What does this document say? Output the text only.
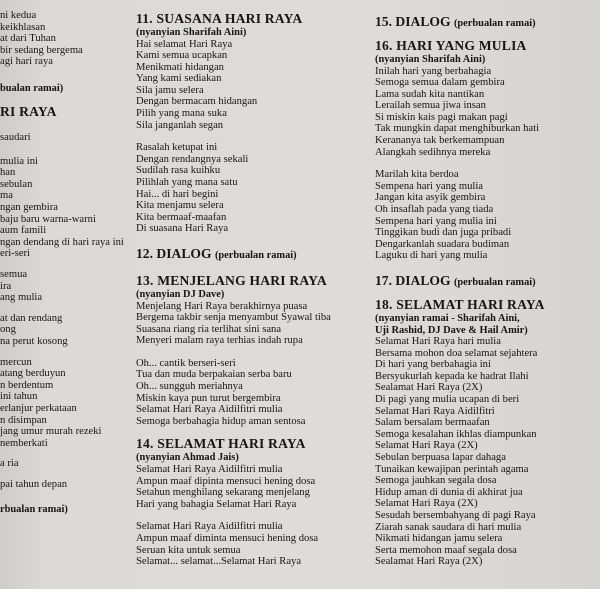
ni kedua
keikhlasan
at dari Tuhan
bir sedang bergema
agi hari raya
bualan ramai)
RI RAYA
saudari

mulia ini
han
sebulan
ma
ngan gembira
baju baru warna-warni
aum famili
ngan dendang di hari raya ini
eri-seri
semua
ira
ang mulia
at dan rendang
ong
na perut kosong
mercun
atang berduyun
n berdentum
ini tahun
erlanjur perkataan
n disimpan
jang umur murah rezeki
nemberkati
a ria
pai tahun depan
rbualan ramai)
11. SUASANA HARI RAYA
(nyanyian Sharifah Aini)
Hai selamat Hari Raya
Kami semua ucapkan
Menikmati hidangan
Yang kami sediakan
Sila jamu selera
Dengan bermacam hidangan
Pilih yang mana suka
Sila janganlah segan
Rasalah ketupat ini
Dengan rendangnya sekali
Sudilah rasa kuihku
Pilihlah yang mana satu
Hai... di hari begini
Kita menjamu selera
Kita bermaaf-maafan
Di suasana Hari Raya
12. DIALOG (perbualan ramai)
13. MENJELANG HARI RAYA
(nyanyian DJ Dave)
Menjelang Hari Raya berakhirnya puasa
Bergema takbir senja menyambut Syawal tiba
Suasana riang ria terlihat sini sana
Menyeri malam raya terhias indah rupa
Oh... cantik berseri-seri
Tua dan muda berpakaian serba baru
Oh... sungguh meriahnya
Miskin kaya pun turut bergembira
Selamat Hari Raya Aidilfitri mulia
Semoga berbahagia hidup aman sentosa
14. SELAMAT HARI RAYA
(nyanyian Ahmad Jais)
Selamat Hari Raya Aidilfitri mulia
Ampun maaf dipinta mensuci hening dosa
Setahun menghilang sekarang menjelang
Hari yang bahagia Selamat Hari Raya
Selamat Hari Raya Aidilfitri mulia
Ampun maaf diminta mensuci hening dosa
Seruan kita untuk semua
Selamat... selamat...Selamat Hari Raya
15. DIALOG (perbualan ramai)
16. HARI YANG MULIA
(nyanyian Sharifah Aini)
Inilah hari yang berbahagia
Semoga semua dalam gembira
Lama sudah kita nantikan
Lerailah semua jiwa insan
Si miskin kais pagi makan pagi
Tak mungkin dapat menghiburkan hati
Kerananya tak berkemampuan
Alangkah sedihnya mereka
Marilah kita berdoa
Sempena hari yang mulia
Jangan kita asyik gembira
Oh insaflah pada yang tiada
Sempena hari yang mulia ini
Tinggikan budi dan juga pribadi
Dengarkanlah suadara budiman
Laguku di hari yang mulia
17. DIALOG (perbualan ramai)
18. SELAMAT HARI RAYA
(nyanyian ramai - Sharifah Aini,
Uji Rashid, DJ Dave & Hail Amir)
Selamat Hari Raya hari mulia
Bersama mohon doa selamat sejahtera
Di hari yang berbahagia ini
Bersyukurlah kepada ke hadrat Ilahi
Sealamat Hari Raya (2X)
Di pagi yang mulia ucapan di beri
Selamat Hari Raya Aidilfitri
Salam bersalam bermaafan
Semoga kesalahan ikhlas diampunkan
Selamat Hari Raya (2X)
Sebulan berpuasa lapar dahaga
Tunaikan kewajipan perintah agama
Semoga jauhkan segala dosa
Hidup aman di dunia di akhirat jua
Selamat Hari Raya (2X)
Sesudah bersembahyang di pagi Raya
Ziarah sanak saudara di hari mulia
Nikmati hidangan jamu selera
Serta memohon maaf segala dosa
Sealamat Hari Raya (2X)
